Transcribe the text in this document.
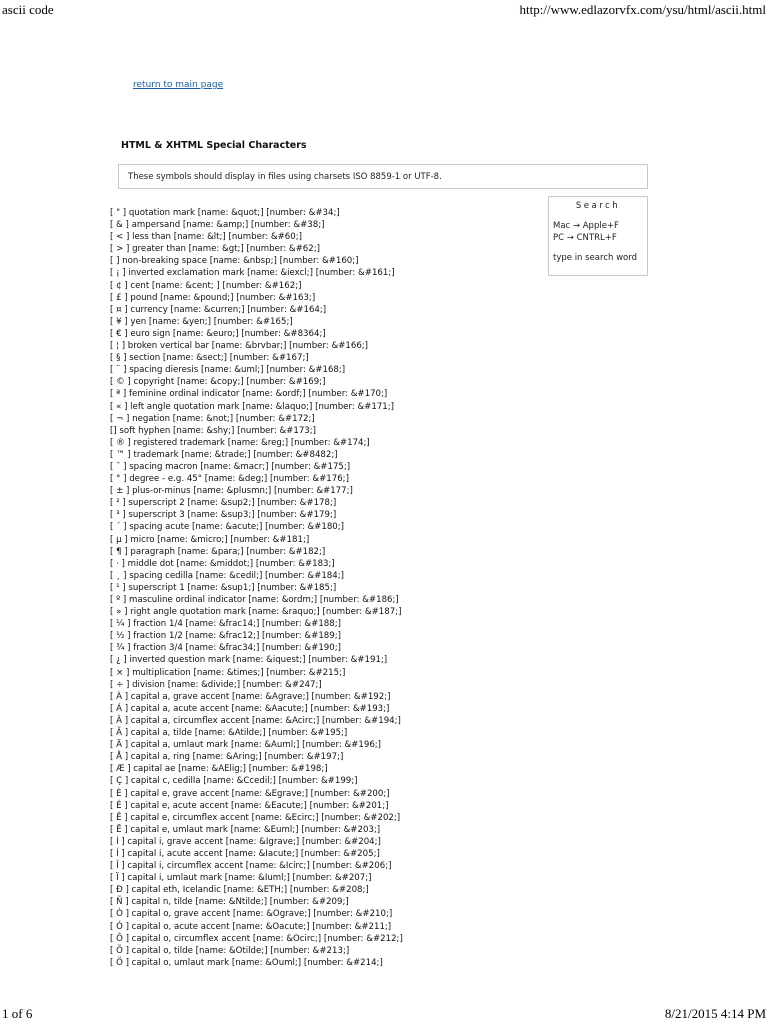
ascii code	http://www.edlazorvfx.com/ysu/html/ascii.html
return to main page
HTML & XHTML Special Characters
These symbols should display in files using charsets ISO 8859-1 or UTF-8.
Search
Mac → Apple+F
PC → CNTRL+F
type in search word
[ " ] quotation mark [name: &quot;] [number: &#34;]
[ & ] ampersand [name: &amp;] [number: &#38;]
[ < ] less than [name: &lt;] [number: &#60;]
[ > ] greater than [name: &gt;] [number: &#62;]
[ ] non-breaking space [name: &nbsp;] [number: &#160;]
[ ¡ ] inverted exclamation mark [name: &iexcl;] [number: &#161;]
[ ¢ ] cent [name: &cent; ] [number: &#162;]
[ £ ] pound [name: &pound;] [number: &#163;]
[ ¤ ] currency [name: &curren;] [number: &#164;]
[ ¥ ] yen [name: &yen;] [number: &#165;]
[ € ] euro sign [name: &euro;] [number: &#8364;]
[ ¦ ] broken vertical bar [name: &brvbar;] [number: &#166;]
[ § ] section [name: &sect;] [number: &#167;]
[ ¨ ] spacing dieresis [name: &uml;] [number: &#168;]
[ © ] copyright [name: &copy;] [number: &#169;]
[ ª ] feminine ordinal indicator [name: &ordf;] [number: &#170;]
[ « ] left angle quotation mark [name: &laquo;] [number: &#171;]
[ ¬ ] negation [name: &not;] [number: &#172;]
[] soft hyphen [name: &shy;] [number: &#173;]
[ ® ] registered trademark [name: &reg;] [number: &#174;]
[ ™ ] trademark [name: &trade;] [number: &#8482;]
[ ¯ ] spacing macron [name: &macr;] [number: &#175;]
[ ° ] degree - e.g. 45° [name: &deg;] [number: &#176;]
[ ± ] plus-or-minus [name: &plusmn;] [number: &#177;]
[ ² ] superscript 2 [name: &sup2;] [number: &#178;]
[ ³ ] superscript 3 [name: &sup3;] [number: &#179;]
[ ´ ] spacing acute [name: &acute;] [number: &#180;]
[ µ ] micro [name: &micro;] [number: &#181;]
[ ¶ ] paragraph [name: &para;] [number: &#182;]
[ · ] middle dot [name: &middot;] [number: &#183;]
[ ¸ ] spacing cedilla [name: &cedil;] [number: &#184;]
[ ¹ ] superscript 1 [name: &sup1;] [number: &#185;]
[ º ] masculine ordinal indicator [name: &ordm;] [number: &#186;]
[ » ] right angle quotation mark [name: &raquo;] [number: &#187;]
[ ¼ ] fraction 1/4 [name: &frac14;] [number: &#188;]
[ ½ ] fraction 1/2 [name: &frac12;] [number: &#189;]
[ ¾ ] fraction 3/4 [name: &frac34;] [number: &#190;]
[ ¿ ] inverted question mark [name: &iquest;] [number: &#191;]
[ × ] multiplication [name: &times;] [number: &#215;]
[ ÷ ] division [name: &divide;] [number: &#247;]
[ À ] capital a, grave accent [name: &Agrave;] [number: &#192;]
[ Á ] capital a, acute accent [name: &Aacute;] [number: &#193;]
[ Â ] capital a, circumflex accent [name: &Acirc;] [number: &#194;]
[ Ã ] capital a, tilde [name: &Atilde;] [number: &#195;]
[ Ä ] capital a, umlaut mark [name: &Auml;] [number: &#196;]
[ Å ] capital a, ring [name: &Aring;] [number: &#197;]
[ Æ ] capital ae [name: &AElig;] [number: &#198;]
[ Ç ] capital c, cedilla [name: &Ccedil;] [number: &#199;]
[ È ] capital e, grave accent [name: &Egrave;] [number: &#200;]
[ É ] capital e, acute accent [name: &Eacute;] [number: &#201;]
[ Ê ] capital e, circumflex accent [name: &Ecirc;] [number: &#202;]
[ Ë ] capital e, umlaut mark [name: &Euml;] [number: &#203;]
[ Ì ] capital i, grave accent [name: &Igrave;] [number: &#204;]
[ Í ] capital i, acute accent [name: &Iacute;] [number: &#205;]
[ Î ] capital i, circumflex accent [name: &Icirc;] [number: &#206;]
[ Ï ] capital i, umlaut mark [name: &Iuml;] [number: &#207;]
[ Ð ] capital eth, Icelandic [name: &ETH;] [number: &#208;]
[ Ñ ] capital n, tilde [name: &Ntilde;] [number: &#209;]
[ Ò ] capital o, grave accent [name: &Ograve;] [number: &#210;]
[ Ó ] capital o, acute accent [name: &Oacute;] [number: &#211;]
[ Ô ] capital o, circumflex accent [name: &Ocirc;] [number: &#212;]
[ Õ ] capital o, tilde [name: &Otilde;] [number: &#213;]
[ Ö ] capital o, umlaut mark [name: &Ouml;] [number: &#214;]
1 of 6	8/21/2015 4:14 PM
